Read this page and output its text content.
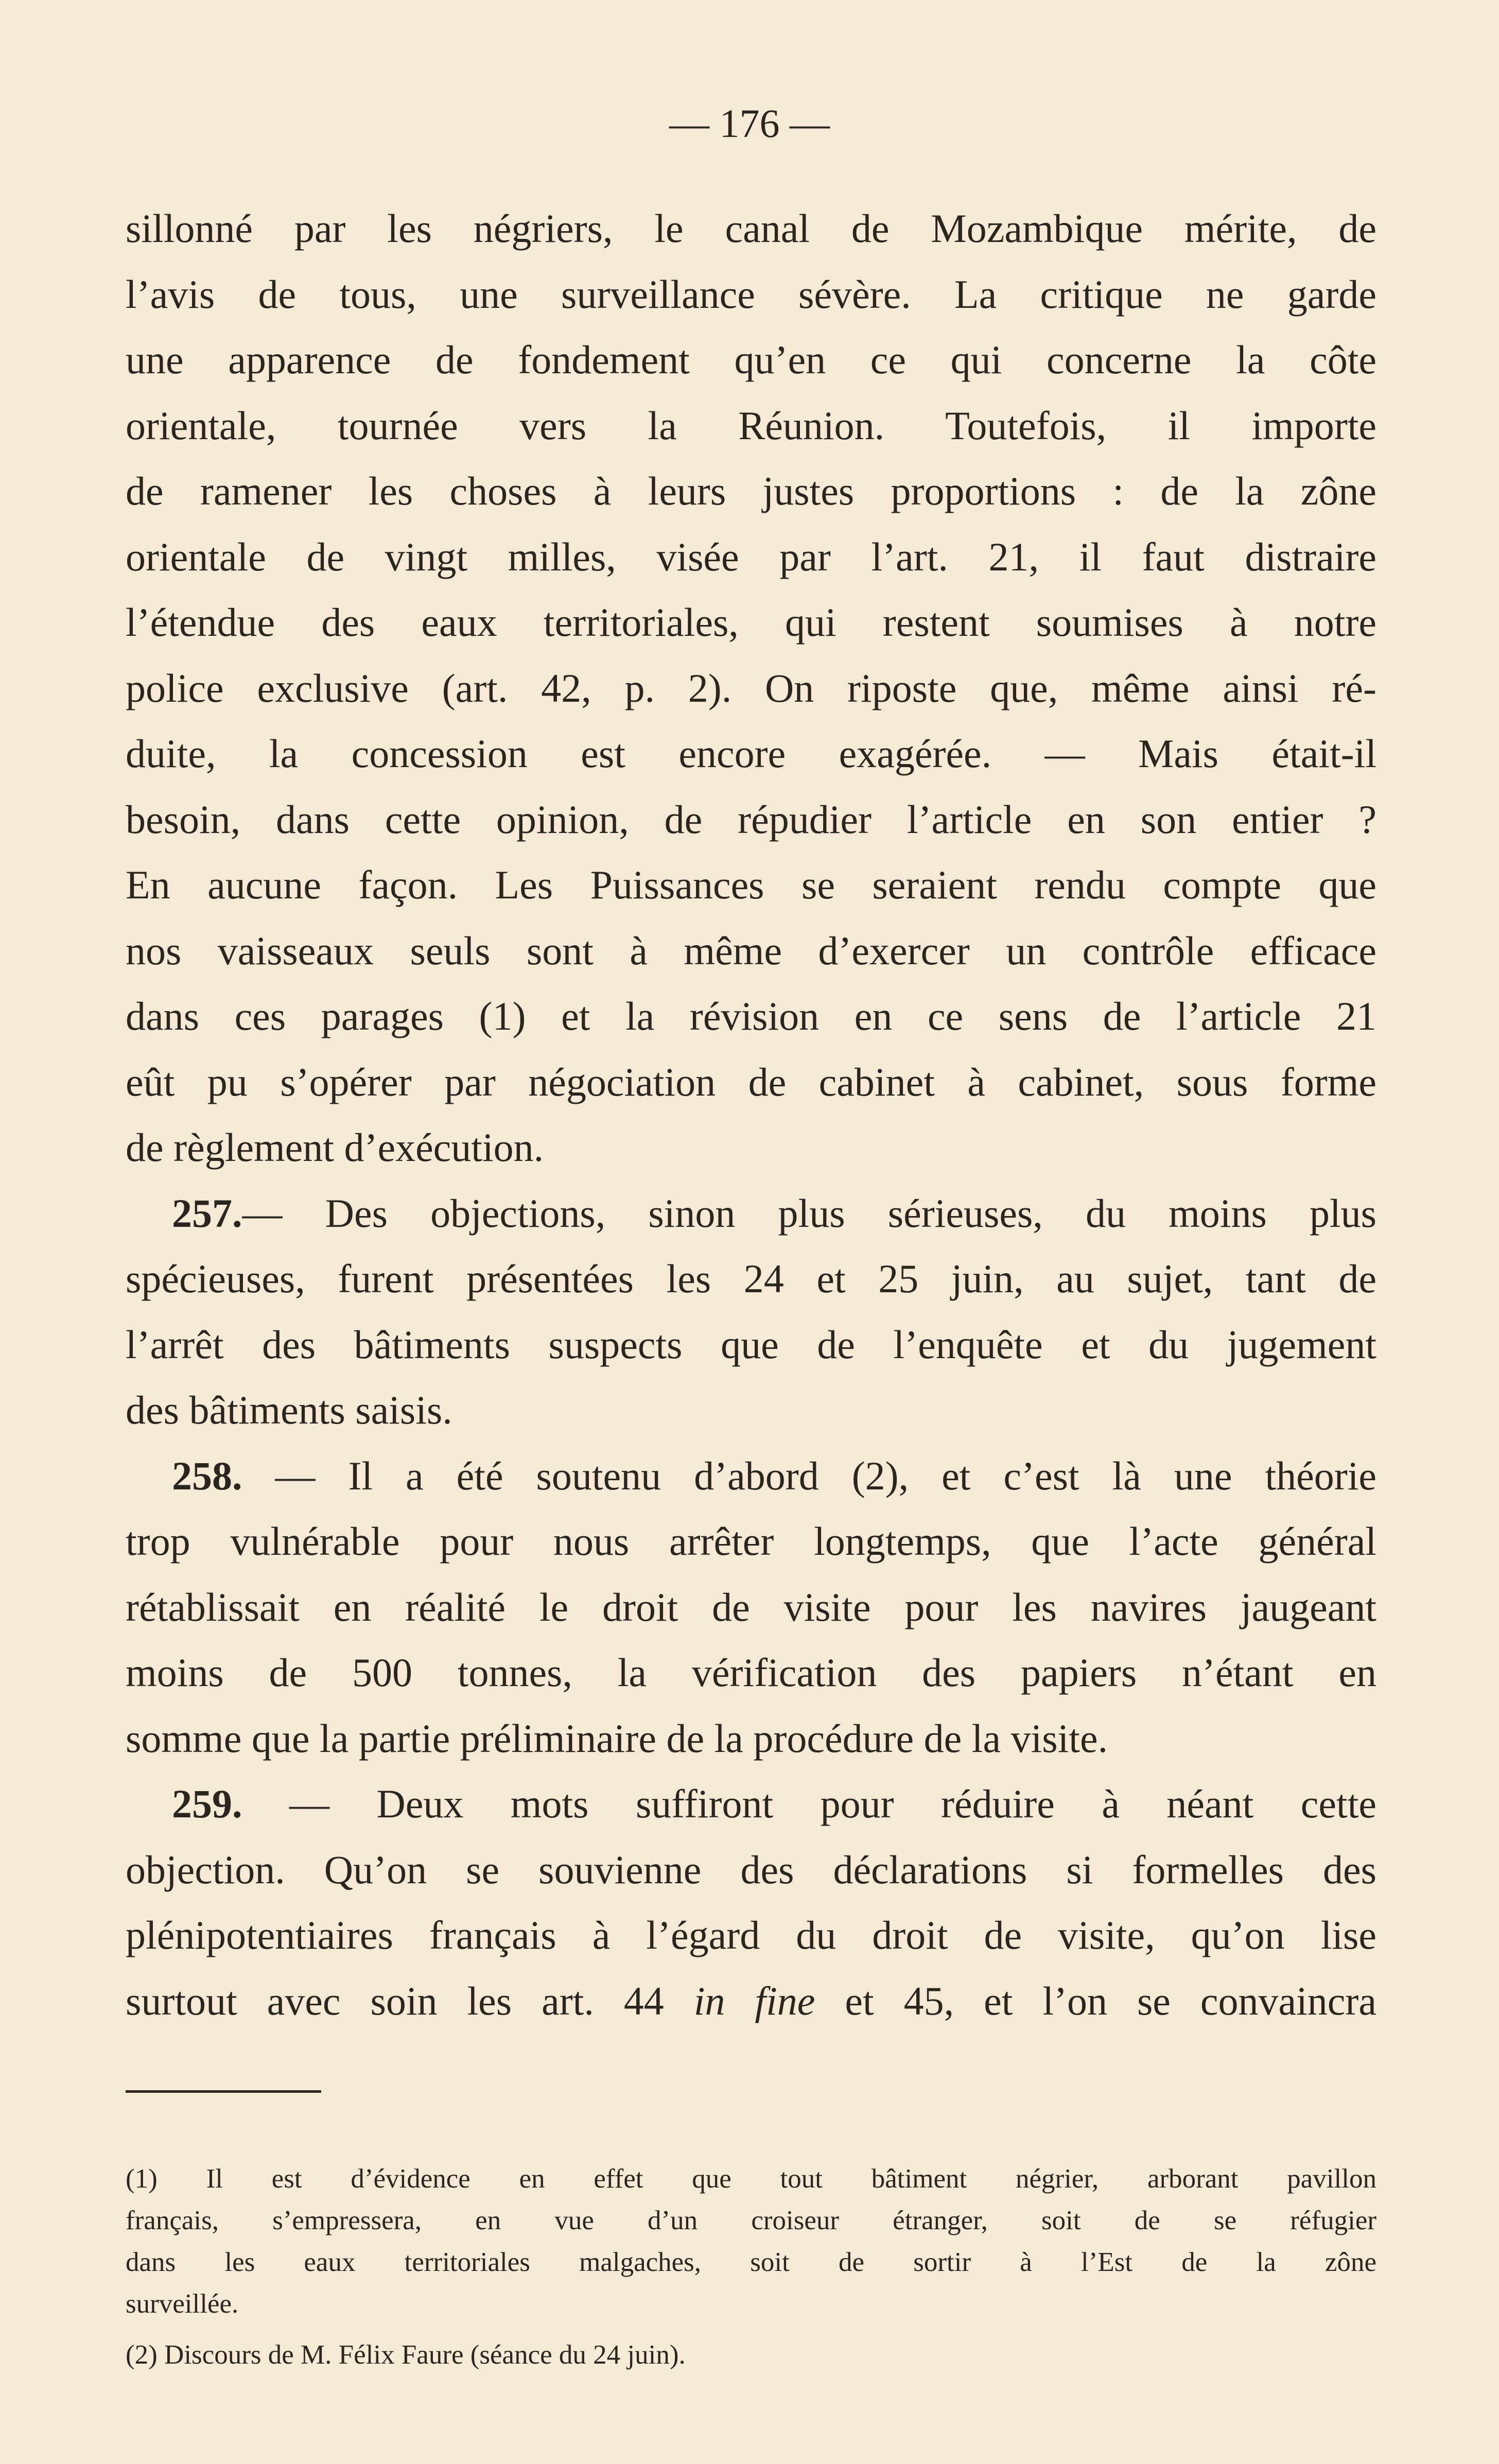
— 176 —
sillonné par les négriers, le canal de Mozambique mérite, de
l’avis de tous, une surveillance sévère. La critique ne garde
une apparence de fondement qu’en ce qui concerne la côte
orientale, tournée vers la Réunion. Toutefois, il importe
de ramener les choses à leurs justes proportions : de la zône
orientale de vingt milles, visée par l’art. 21, il faut distraire
l’étendue des eaux territoriales, qui restent soumises à notre
police exclusive (art. 42, p. 2). On riposte que, même ainsi ré-
duite, la concession est encore exagérée. — Mais était-il
besoin, dans cette opinion, de répudier l’article en son entier ?
En aucune façon. Les Puissances se seraient rendu compte que
nos vaisseaux seuls sont à même d’exercer un contrôle efficace
dans ces parages (1) et la révision en ce sens de l’article 21
eût pu s’opérer par négociation de cabinet à cabinet, sous forme
de règlement d’exécution.
257.— Des objections, sinon plus sérieuses, du moins plus
spécieuses, furent présentées les 24 et 25 juin, au sujet, tant de
l’arrêt des bâtiments suspects que de l’enquête et du jugement
des bâtiments saisis.
258. — Il a été soutenu d’abord (2), et c’est là une théorie
trop vulnérable pour nous arrêter longtemps, que l’acte général
rétablissait en réalité le droit de visite pour les navires jaugeant
moins de 500 tonnes, la vérification des papiers n’étant en
somme que la partie préliminaire de la procédure de la visite.
259. — Deux mots suffiront pour réduire à néant cette
objection. Qu’on se souvienne des déclarations si formelles des
plénipotentiaires français à l’égard du droit de visite, qu’on lise
surtout avec soin les art. 44 in fine et 45, et l’on se convaincra
(1) Il est d’évidence en effet que tout bâtiment négrier, arborant pavillon
français, s’empressera, en vue d’un croiseur étranger, soit de se réfugier
dans les eaux territoriales malgaches, soit de sortir à l’Est de la zône
surveillée.
(2) Discours de M. Félix Faure (séance du 24 juin).
